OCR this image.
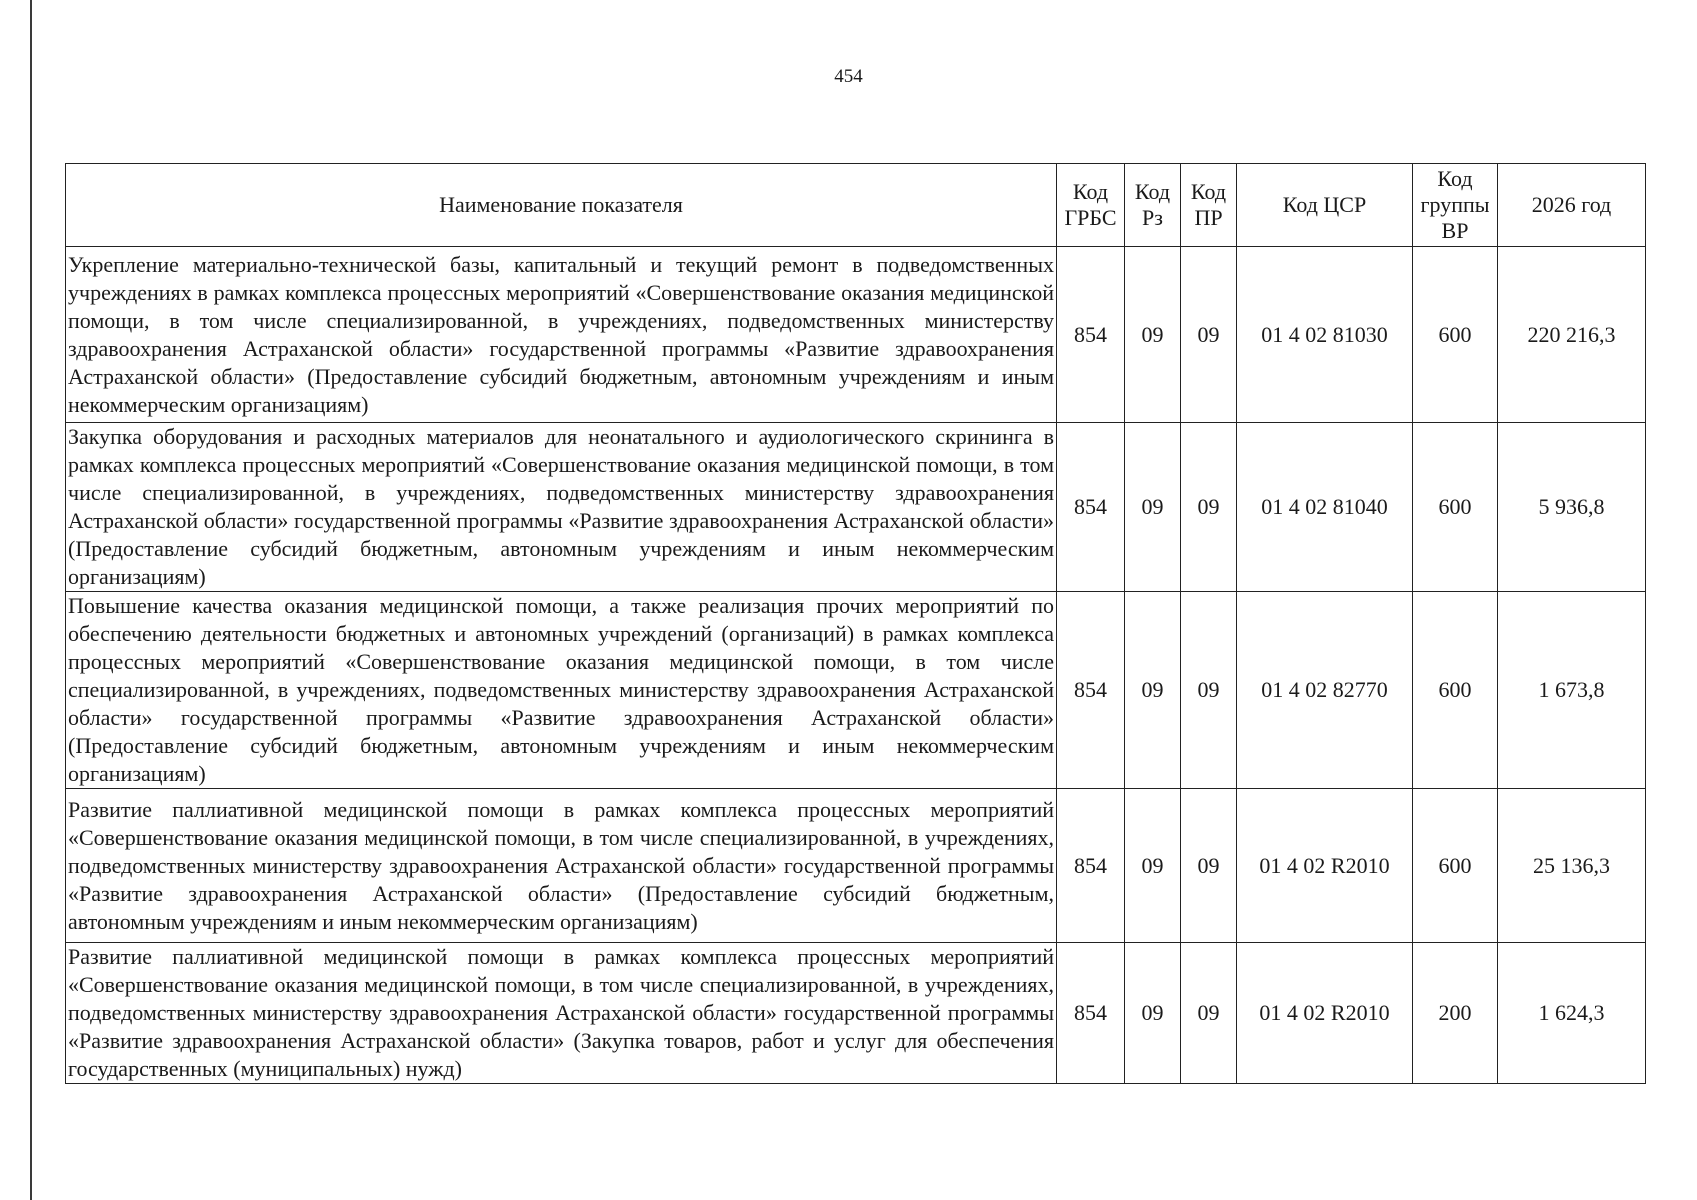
454
Наименование показателя	Код ГРБС	Код Рз	Код ПР	Код ЦСР	Код группы ВР	2026 год
Укрепление материально-технической базы, капитальный и текущий ремонт в подведомственных учреждениях в рамках комплекса процессных мероприятий «Совершенствование оказания медицинской помощи, в том числе специализированной, в учреждениях, подведомственных министерству здравоохранения Астраханской области» государственной программы «Развитие здравоохранения Астраханской области» (Предоставление субсидий бюджетным, автономным учреждениям и иным некоммерческим организациям)	854	09	09	01 4 02 81030	600	220 216,3
Закупка оборудования и расходных материалов для неонатального и аудиологического скрининга в рамках комплекса процессных мероприятий «Совершенствование оказания медицинской помощи, в том числе специализированной, в учреждениях, подведомственных министерству здравоохранения Астраханской области» государственной программы «Развитие здравоохранения Астраханской области» (Предоставление субсидий бюджетным, автономным учреждениям и иным некоммерческим организациям)	854	09	09	01 4 02 81040	600	5 936,8
Повышение качества оказания медицинской помощи, а также реализация прочих мероприятий по обеспечению деятельности бюджетных и автономных учреждений (организаций) в рамках комплекса процессных мероприятий «Совершенствование оказания медицинской помощи, в том числе специализированной, в учреждениях, подведомственных министерству здравоохранения Астраханской области» государственной программы «Развитие здравоохранения Астраханской области» (Предоставление субсидий бюджетным, автономным учреждениям и иным некоммерческим организациям)	854	09	09	01 4 02 82770	600	1 673,8
Развитие паллиативной медицинской помощи в рамках комплекса процессных мероприятий «Совершенствование оказания медицинской помощи, в том числе специализированной, в учреждениях, подведомственных министерству здравоохранения Астраханской области» государственной программы «Развитие здравоохранения Астраханской области» (Предоставление субсидий бюджетным, автономным учреждениям и иным некоммерческим организациям)	854	09	09	01 4 02 R2010	600	25 136,3
Развитие паллиативной медицинской помощи в рамках комплекса процессных мероприятий «Совершенствование оказания медицинской помощи, в том числе специализированной, в учреждениях, подведомственных министерству здравоохранения Астраханской области» государственной программы «Развитие здравоохранения Астраханской области» (Закупка товаров, работ и услуг для обеспечения государственных (муниципальных) нужд)	854	09	09	01 4 02 R2010	200	1 624,3
